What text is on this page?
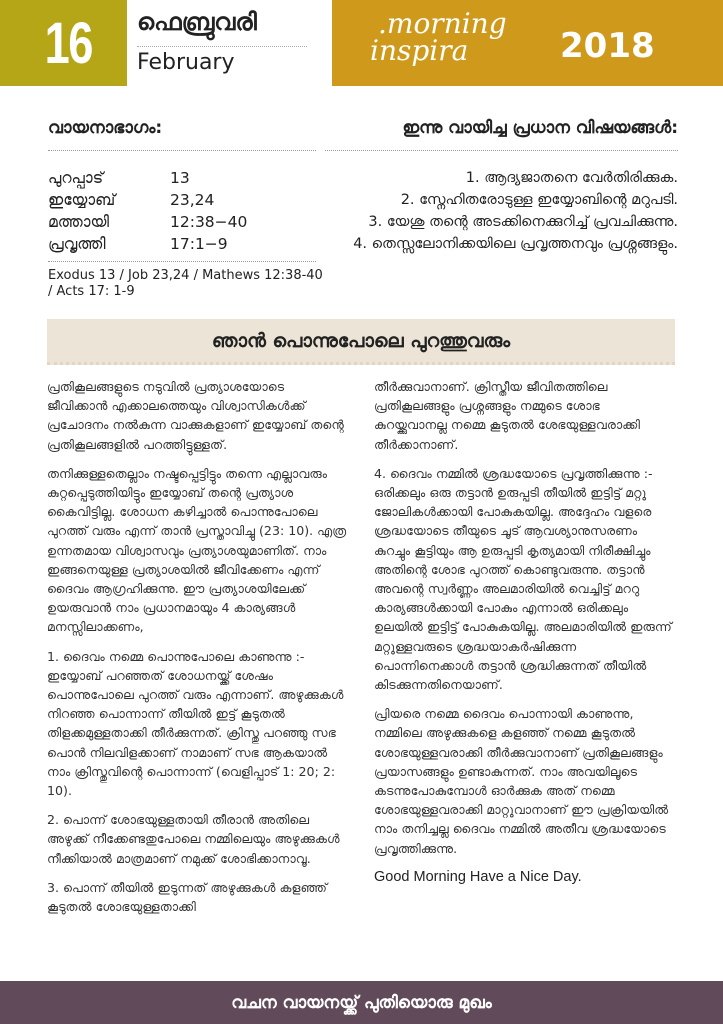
16 ഫെബ്രുവരി
February
.morning
inspira	2018
വായനാഭാഗം:
പുറപ്പാട്	13
ഇയ്യോബ്	23,24
മത്തായി	12:38−40
പ്രവൃത്തി	17:1−9
Exodus 13 / Job 23,24 / Mathews 12:38-40 / Acts 17: 1-9
ഇന്നു വായിച്ച പ്രധാന വിഷയങ്ങൾ:
1. ആദ്യജാതനെ വേർതിരിക്കുക.
2. സ്നേഹിതരോടുള്ള ഇയ്യോബിന്റെ മറുപടി.
3. യേശു തന്റെ അടക്കിനെക്കുറിച്ച് പ്രവചിക്കുന്നു.
4. തെസ്സലോനിക്കയിലെ പ്രവൃത്തനവും പ്രശ്നങ്ങളും.
ഞാൻ പൊന്നുപോലെ പുറത്തുവരും

പ്രതികൂലങ്ങളുടെ നടുവിൽ പ്രത്യാശയോടെ ജീവിക്കാൻ എക്കാലത്തെയും വിശ്വാസികൾക്ക് പ്രചോദനം നൽകുന്ന വാക്കുകളാണ് ഇയ്യോബ് തന്റെ പ്രതികൂലങ്ങളിൽ പറത്തിട്ടുള്ളത്.

തനിക്കുള്ളതെല്ലാം നഷ്ടപ്പെട്ടിട്ടും തന്നെ എല്ലാവരും കുറ്റപ്പെടുത്തിയിട്ടും ഇയ്യോബ് തന്റെ പ്രത്യാശ കൈവിട്ടില്ല. ശോധന കഴിച്ചാൽ പൊന്നുപോലെ പുറത്ത് വരും എന്ന് താൻ പ്രസ്താവിച്ചു (23: 10). എത്ര ഉന്നതമായ വിശ്വാസവും പ്രത്യാശയുമാണിത്. നാം ഇങ്ങനെയുള്ള പ്രത്യാശയിൽ ജീവിക്കേണം എന്ന് ദൈവം ആഗ്രഹിക്കുന്നു. ഈ പ്രത്യാശയിലേക്ക് ഉയരുവാൻ നാം പ്രധാനമായും 4 കാര്യങ്ങൾ മനസ്സിലാക്കണം,

1. ദൈവം നമ്മെ പൊന്നുപോലെ കാണുന്നു :- ഇയ്യോബ് പറഞ്ഞത് ശോധനയ്ക്ക് ശേഷം പൊന്നുപോലെ പുറത്ത് വരും എന്നാണ്. അഴുക്കുകൾ നിറഞ്ഞ പൊന്നാന്ന് തീയിൽ ഇട്ട് കൂടുതൽ തിളക്കമുള്ളതാക്കി തീർക്കുന്നത്. ക്രിസ്തു പറഞ്ഞു സഭ പൊൻ നിലവിളക്കാണ് നാമാണ് സഭ ആകയാൽ നാം ക്രിസ്തുവിന്റെ പൊന്നാന്ന് (വെളിപ്പാട് 1: 20; 2: 10).

2. പൊന്ന് ശോഭയുള്ളതായി തീരാൻ അതിലെ അഴുക്ക് നീക്കേണ്ടതുപോലെ നമ്മിലെയും അഴുക്കുകൾ നീക്കിയാൽ മാത്രമാണ് നമുക്ക് ശോഭിക്കാനാവൂ.

3. പൊന്ന് തീയിൽ ഇടുന്നത് അഴുക്കുകൾ കളഞ്ഞ് കൂടുതൽ ശോഭയുള്ളതാക്കി

തീർക്കുവാനാണ്. ക്രിസ്തീയ ജീവിതത്തിലെ പ്രതികൂലങ്ങളും പ്രശ്നങ്ങളും നമ്മുടെ ശോഭ കുറയ്ക്കുവാനല്ല നമ്മെ കൂടുതൽ ശേഭയുള്ളവരാക്കി തീർക്കാനാണ്.

4. ദൈവം നമ്മിൽ ശ്രദ്ധയോടെ പ്രവൃത്തിക്കുന്നു :- ഒരിക്കലും ഒരു തട്ടാൻ ഉരുപ്പടി തീയിൽ ഇട്ടിട്ട് മറ്റു ജോലികൾക്കായി പോകുകയില്ല. അദ്ദേഹം വളരെ ശ്രദ്ധയോടെ തീയുടെ ചൂട് ആവശ്യാനുസരണം കുറച്ചും കൂട്ടിയും ആ ഉരുപ്പടി കൃത്യമായി നിരീക്ഷിച്ചും അതിന്റെ ശോഭ പുറത്ത് കൊണ്ടുവരുന്നു. തട്ടാൻ അവന്റെ സ്വർണ്ണം അലമാരിയിൽ വെച്ചിട്ട് മററു കാര്യങ്ങൾക്കായി പോകും എന്നാൽ ഒരിക്കലും ഉലയിൽ ഇട്ടിട്ട് പോകുകയില്ല. അലമാരിയിൽ ഇരുന്ന് മറ്റുള്ളവരുടെ ശ്രദ്ധയാകർഷിക്കുന്ന പൊന്നിനെക്കാൾ തട്ടാൻ ശ്രദ്ധിക്കുന്നത് തീയിൽ കിടക്കുന്നതിനെയാണ്.

പ്രിയരെ നമ്മെ ദൈവം പൊന്നായി കാണുന്നു, നമ്മിലെ അഴുക്കുകളെ കളഞ്ഞ് നമ്മെ കൂടുതൽ ശോഭയുള്ളവരാക്കി തീർക്കുവാനാണ് പ്രതികൂലങ്ങളും പ്രയാസങ്ങളും ഉണ്ടാകുന്നത്. നാം അവയിലൂടെ കടന്നുപോകുമ്പോൾ ഓർക്കുക അത് നമ്മെ ശോഭയുള്ളവരാക്കി മാറ്റുവാനാണ് ഈ പ്രക്രിയയിൽ നാം തനിച്ചല്ല ദൈവം നമ്മിൽ അതീവ ശ്രദ്ധയോടെ പ്രവൃത്തിക്കുന്നു.

Good Morning Have a Nice Day.
വചന വായനയ്ക്ക് പുതിയൊരു മുഖം
